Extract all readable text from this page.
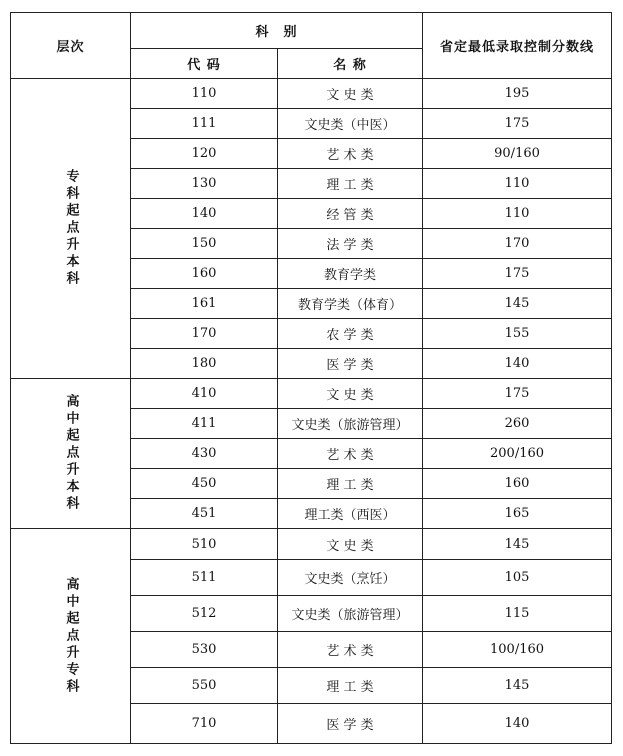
层次	科　别		省定最低录取控制分数线
	代 码	名 称	
专科起点升本科	110	文 史 类	195
	111	文史类（中医）	175
	120	艺 术 类	90/160
	130	理 工 类	110
	140	经 管 类	110
	150	法 学 类	170
	160	教育学类	175
	161	教育学类（体育）	145
	170	农 学 类	155
	180	医 学 类	140
高中起点升本科	410	文 史 类	175
	411	文史类（旅游管理）	260
	430	艺 术 类	200/160
	450	理 工 类	160
	451	理工类（西医）	165
高中起点升专科	510	文 史 类	145
	511	文史类（烹饪）	105
	512	文史类（旅游管理）	115
	530	艺 术 类	100/160
	550	理 工 类	145
	710	医 学 类	140
